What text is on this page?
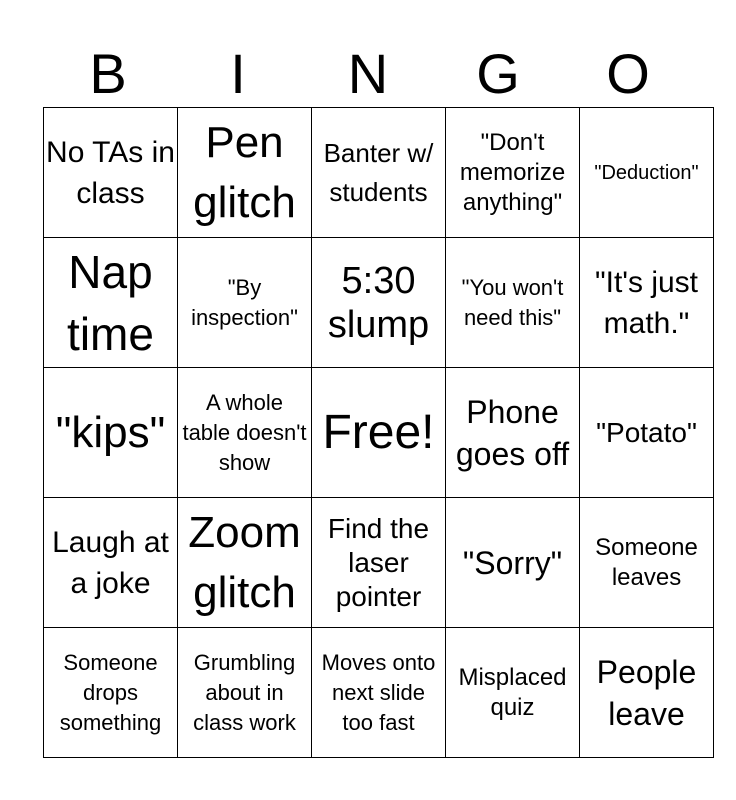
B	I	N	G	O
No TAs in class	Pen glitch	Banter w/ students	"Don't memorize anything"	"Deduction"

Nap time	"By inspection"	5:30 slump	"You won't need this"	"It's just math."

"kips"	A whole table doesn't show	Free!	Phone goes off	"Potato"

Laugh at a joke	Zoom glitch	Find the laser pointer	"Sorry"	Someone leaves

Someone drops something	Grumbling about in class work	Moves onto next slide too fast	Misplaced quiz	People leave
